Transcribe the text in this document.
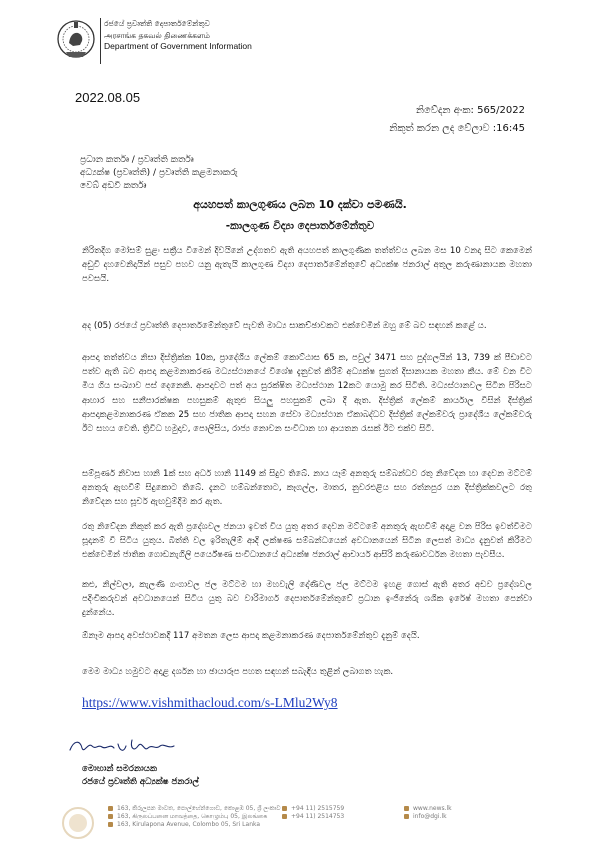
රජයේ ප්‍රවෘත්ති දෙපාර්තමේන්තුව
அரசாங்க தகவல் திணைக்களம்
Department of Government Information
2022.08.05
නිවේදන අංක: 565/2022
නිකුත් කරන ලද වේලාව :16:45
ප්‍රධාන කර්තෘ / ප්‍රවෘත්ති කර්තෘ
අධ්‍යක්ෂ (ප්‍රවෘත්ති) / ප්‍රවෘත්ති කළමනාකරු
වෙබ් අඩවි කර්තෘ
අයහපත් කාලගුණය ලබන 10 දක්වා පමණයි.
-කාලගුණ විද්‍යා දෙපාර්තමේන්තුව
නිරිතදිග මෝසම් සුළං සක්‍රීය වීමෙන් දිවයිනේ උද්ගතව ඇති අයහපත් කාලගුණික තත්ත්වය ලබන මස 10 වනදා සිට කෙමෙන් අඩුවී දහවෙනිදායින් පසුව පහව යනු ඇතැයි කාලගුණ විද්‍යා දෙපාර්තමේන්තුවේ අධ්‍යක්ෂ ජනරාල් අතුල කරුණානායක මහතා පවසයි.
අද (05) රජයේ ප්‍රවෘත්ති දෙපාර්තමේන්තුවේ පැවති මාධ්‍ය සාකච්ඡාවකට එක්වෙමින් ඔහු මේ බව සඳහන් කළේ ය.
ආපදා තත්ත්වය නිසා දිස්ත්‍රික්ක 10ක, ප්‍රාදේශීය ලේකම් කොට්ඨාස 65 ක, පවුල් 3471 සහ පුද්ගලයින් 13, 739 ක් පීඩාවට පත්ව ඇති බව ආපදා කළමනාකරණ මධ්‍යස්ථානයේ විශේෂ දැනුවත් කිරීම් අධ්‍යක්ෂ සුගත් දිසානායක මහතා කීය. මේ වන විට මිය ගිය සංඛ්‍යාව පස් දෙනෙකි. ආපදාවට පත් අය සුරක්ෂිත මධ්‍යස්ථාන 12කට යොමු කර සිටිති. මධ්‍යස්ථානවල සිටින පිරිසට ආහාර සහ සනීපාරක්ෂක පහසුකම් ඇතුළු සියලු පහසුකම් ලබා දී ඇත. දිස්ත්‍රික් ලේකම් කාර්යාල විසින් දිස්ත්‍රික් ආපදාකළමනාකරණ ඒකක 25 සහ ජාතික ආපදා සහන සේවා මධ්‍යස්ථාන ඒකාබද්ධව දිස්ත්‍රික් ලේකම්වරු ප්‍රාදේශීය ලේකම්වරු ඊට සහය වෙති. ත්‍රිවිධ හමුදාව, පොලිසිය, රාජ්‍ය නොවන සංවිධාන හා ආයතන රැසක් ඊට එක්ව සිටී.
සම්පූර්ණ නිවාස හානි 1ක් සහ අර්ධ හානි 1149 ක් සිදුව තිබේ. නාය යෑම් අනතුරු සම්බන්ධව රතු නිවේදන හා දෙවන මට්ටම් අනතුරු ඇඟවීම් සිදුකොට තිබේ. දැනට හම්බන්තොට, කෑගල්ල, මාතර, නුවරඑළිය සහ රත්නපුර යන දිස්ත්‍රික්කවලට රතු නිවේදන සහ සූචර් ඇඟවුම්දීම කර ඇත.
රතු නිවේදන නිකුත් කර ඇති ප්‍රදේශවල ජනයා ඉවත් විය යුතු අතර දෙවන මට්ටමේ අනතුරු ඇඟවීම් අදාළ වන පිරිස ඉවත්වීමට සූදානම් වී සිටිය යුතුය. බිත්ති වල ඉරිතැලීම් ආදි ලක්ෂණ සම්බන්ධයෙන් අවධානයෙන් සිටින ලෙසත් මාධ්‍ය දැනුවත් කිරීමට එක්වෙමින් ජාතික ගොඩනැගිලි පර්යේෂණ සංවිධානයේ අධ්‍යක්ෂ ජනරාල් ආචාර්ය ආසිරි කරුණාවර්ධන මහතා පැවසීය.
කළු, නිල්වලා, කැලණි ගංගාවල ජල මට්ටම හා මහවැලි දෝණිවල ජල මට්ටම ඉහළ ගොස් ඇති අතර අඩව ප්‍රදේශවල පදිංචිකරුවන් අවධානයෙන් සිටිය යුතු බව වාරිමාර්ග දෙපාර්තමේන්තුවේ ප්‍රධාන ඉංජිනේරු ශශික ඉරේෂ් මහතා පෙන්වා දුන්නේය.
ඕනෑම ආපදා අවස්ථාවකදී 117 අමතන ලෙස ආපදා කළමනාකරණ දෙපාර්තමේන්තුව දැනුම් දෙයි.
මෙම මාධ්‍ය හමුවට අදාළ දර්ශන හා ඡායාරූප පහත සඳහන් සබැඳිය තුළින් ලබාගත හැක.
https://www.vishmithacloud.com/s-LMlu2Wy8
මොහාන් සමරනායක
රජයේ ප්‍රවෘත්ති අධ්‍යක්ෂ ජනරාල්
163, කිරුලපන මාවත, පොල්හේන්ගොඩ, කොළඹ 05, ශ්‍රී ලංකාව
163, கிருலப்பனை மாவத்தை, கொழும்பு 05, இலங்கை
163, Kirulapona Avenue, Colombo 05, Sri Lanka
+94 11) 2515759
+94 11) 2514753
www.news.lk
info@dgi.lk
